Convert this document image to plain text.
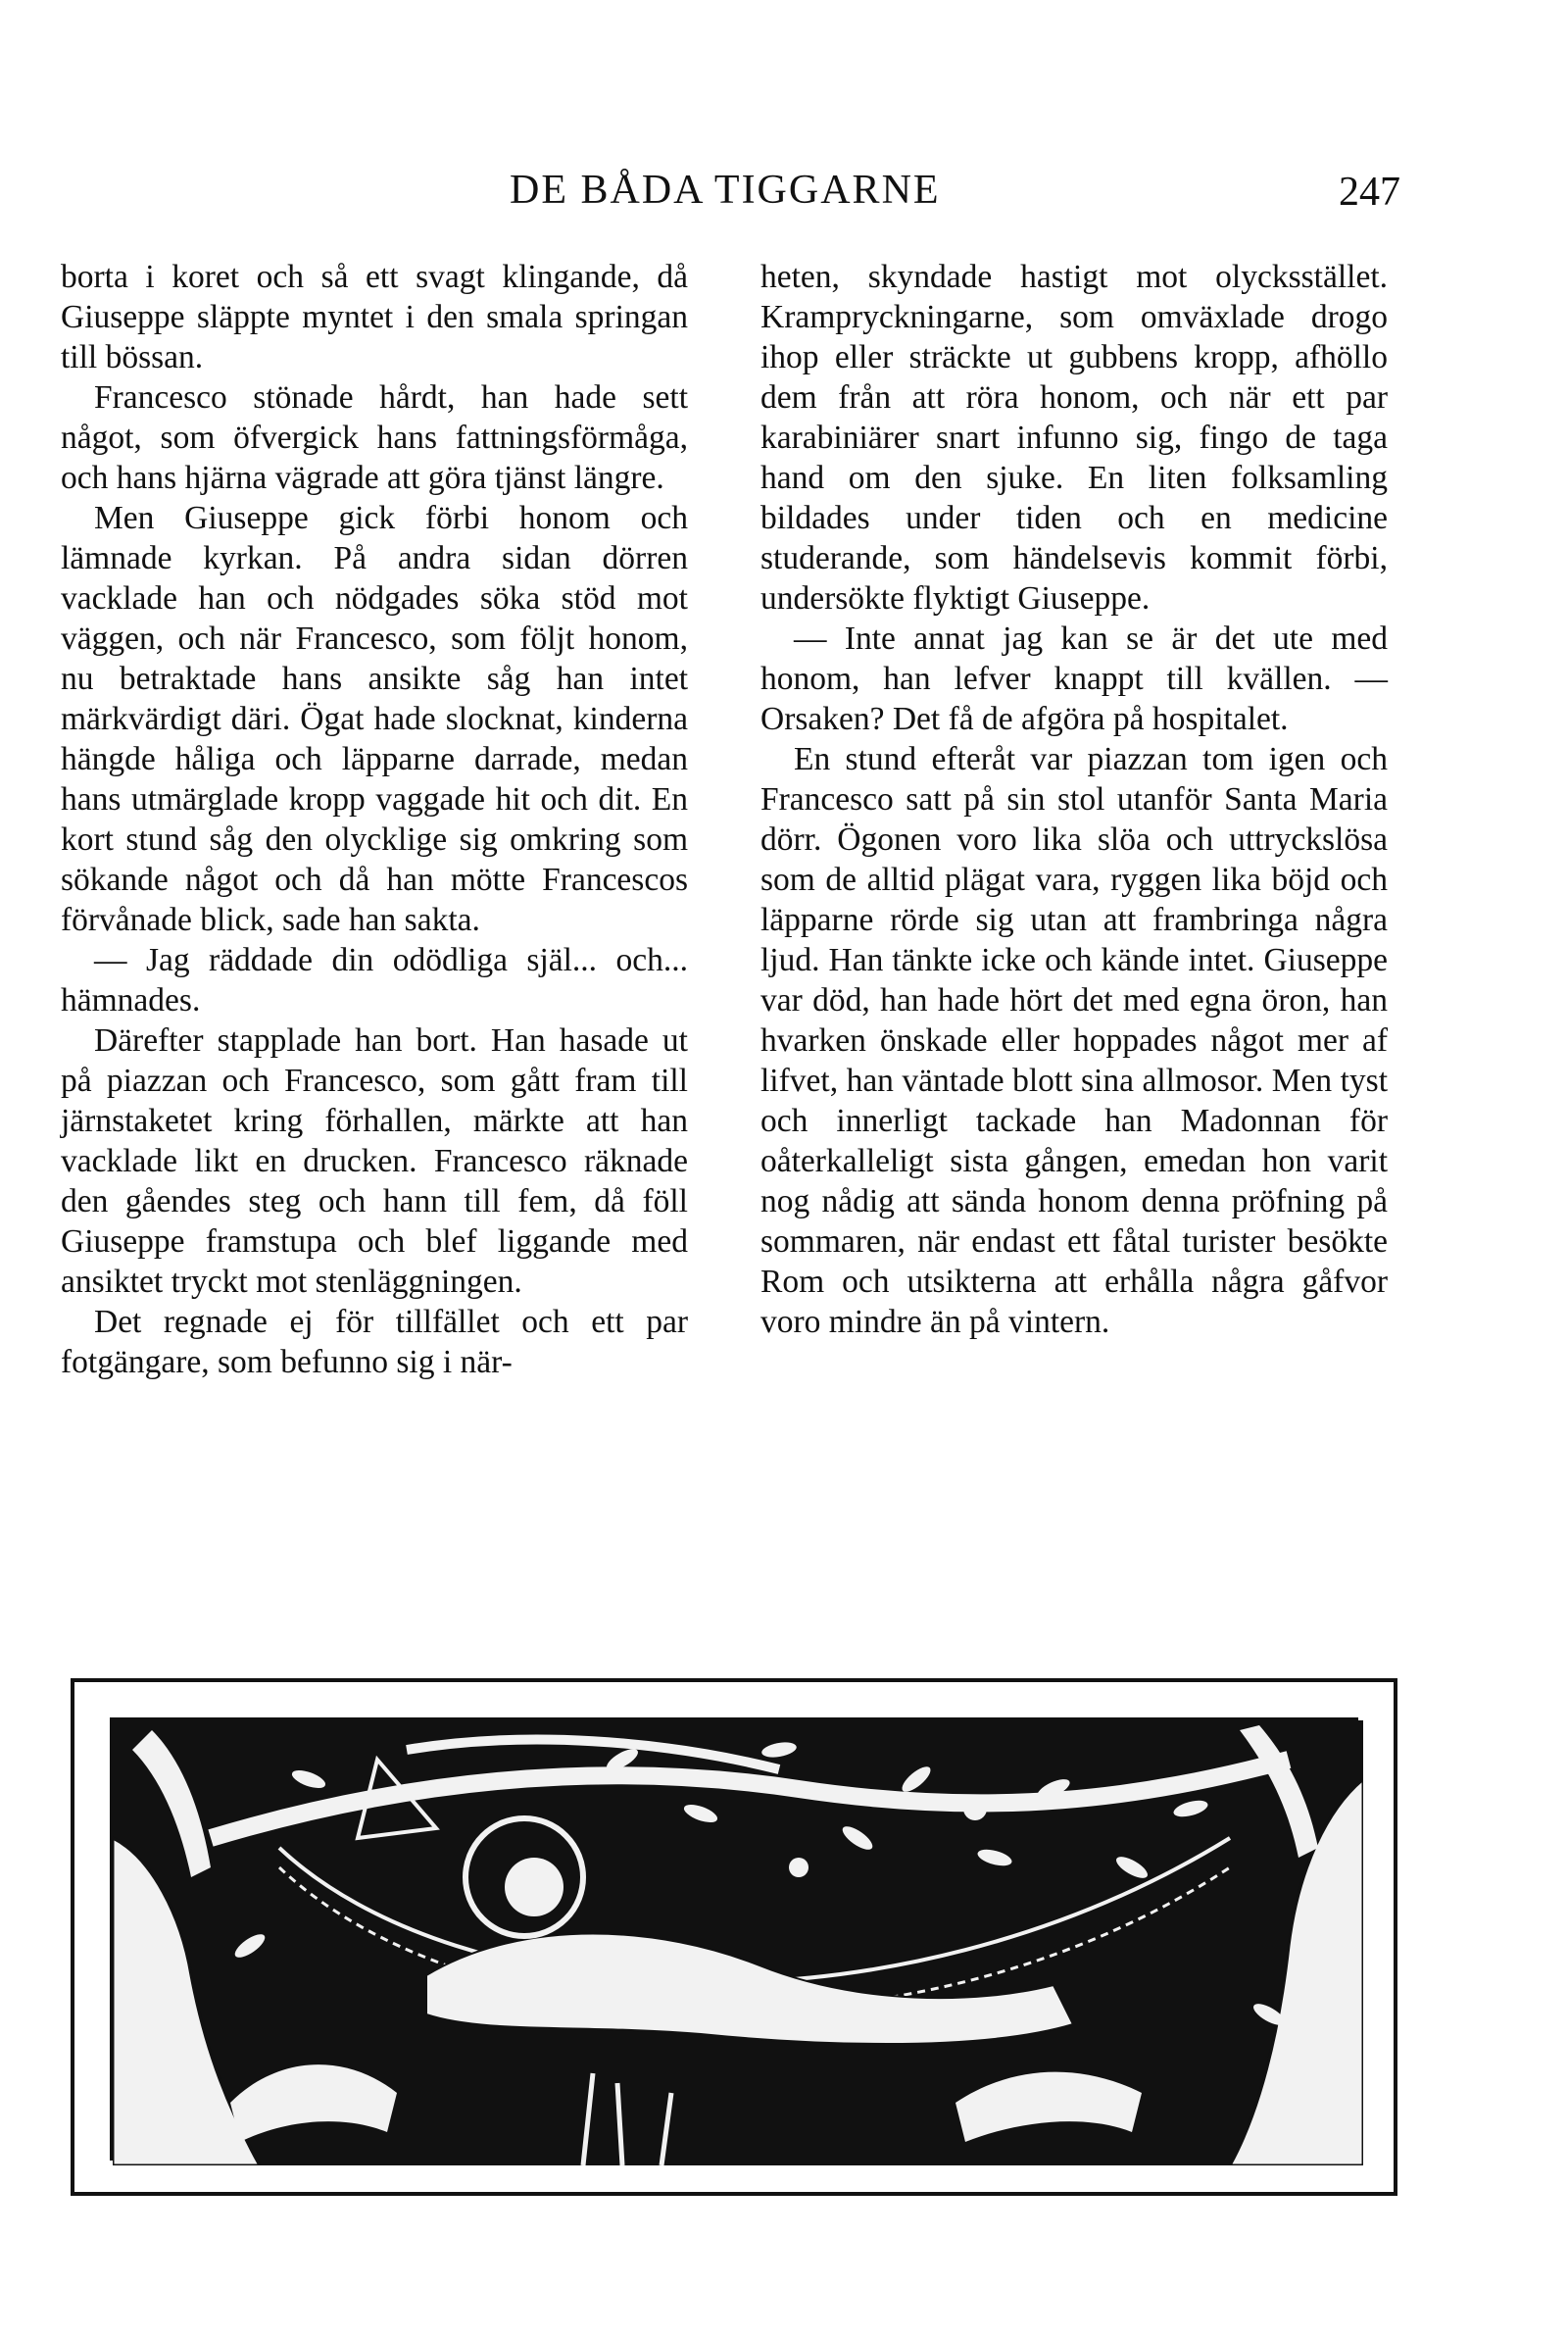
DE BÅDA TIGGARNE	247

borta i koret och så ett svagt klingande, då Giuseppe släppte myntet i den smala springan till bössan.

Francesco stönade hårdt, han hade sett något, som öfvergick hans fattningsförmåga, och hans hjärna vägrade att göra tjänst längre.

Men Giuseppe gick förbi honom och lämnade kyrkan. På andra sidan dörren vacklade han och nödgades söka stöd mot väggen, och när Francesco, som följt honom, nu betraktade hans ansikte såg han intet märkvärdigt däri. Ögat hade slocknat, kinderna hängde håliga och läpparne darrade, medan hans utmärglade kropp vaggade hit och dit. En kort stund såg den olycklige sig omkring som sökande något och då han mötte Francescos förvånade blick, sade han sakta.

— Jag räddade din odödliga själ... och... hämnades.

Därefter stapplade han bort. Han hasade ut på piazzan och Francesco, som gått fram till järnstaketet kring förhallen, märkte att han vacklade likt en drucken. Francesco räknade den gåendes steg och hann till fem, då föll Giuseppe framstupa och blef liggande med ansiktet tryckt mot stenläggningen.

Det regnade ej för tillfället och ett par fotgängare, som befunno sig i när-

heten, skyndade hastigt mot olycksstället. Krampryckningarne, som omväxlade drogo ihop eller sträckte ut gubbens kropp, afhöllo dem från att röra honom, och när ett par karabiniärer snart infunno sig, fingo de taga hand om den sjuke. En liten folksamling bildades under tiden och en medicine studerande, som händelsevis kommit förbi, undersökte flyktigt Giuseppe.

— Inte annat jag kan se är det ute med honom, han lefver knappt till kvällen. — Orsaken? Det få de afgöra på hospitalet.

En stund efteråt var piazzan tom igen och Francesco satt på sin stol utanför Santa Maria dörr. Ögonen voro lika slöa och uttryckslösa som de alltid plägat vara, ryggen lika böjd och läpparne rörde sig utan att frambringa några ljud. Han tänkte icke och kände intet. Giuseppe var död, han hade hört det med egna öron, han hvarken önskade eller hoppades något mer af lifvet, han väntade blott sina allmosor. Men tyst och innerligt tackade han Madonnan för oåterkalleligt sista gången, emedan hon varit nog nådig att sända honom denna pröfning på sommaren, när endast ett fåtal turister besökte Rom och utsikterna att erhålla några gåfvor voro mindre än på vintern.
